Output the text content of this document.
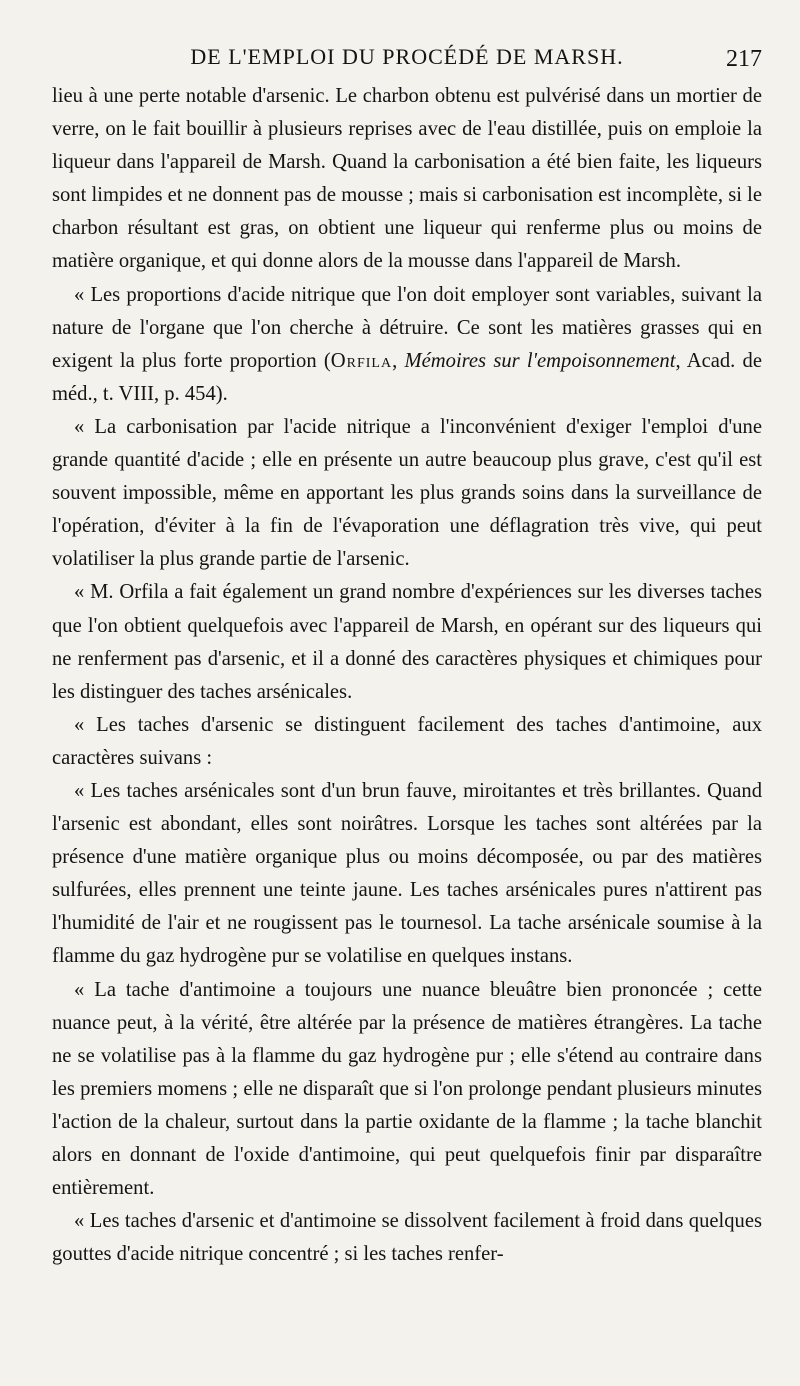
DE L'EMPLOI DU PROCÉDÉ DE MARSH.	217

lieu à une perte notable d'arsenic. Le charbon obtenu est pulvérisé dans un mortier de verre, on le fait bouillir à plusieurs reprises avec de l'eau distillée, puis on emploie la liqueur dans l'appareil de Marsh. Quand la carbonisation a été bien faite, les liqueurs sont limpides et ne donnent pas de mousse ; mais si carbonisation est incomplète, si le charbon résultant est gras, on obtient une liqueur qui renferme plus ou moins de matière organique, et qui donne alors de la mousse dans l'appareil de Marsh.

« Les proportions d'acide nitrique que l'on doit employer sont variables, suivant la nature de l'organe que l'on cherche à détruire. Ce sont les matières grasses qui en exigent la plus forte proportion (Orfila, Mémoires sur l'empoisonnement, Acad. de méd., t. VIII, p. 454).

« La carbonisation par l'acide nitrique a l'inconvénient d'exiger l'emploi d'une grande quantité d'acide ; elle en présente un autre beaucoup plus grave, c'est qu'il est souvent impossible, même en apportant les plus grands soins dans la surveillance de l'opération, d'éviter à la fin de l'évaporation une déflagration très vive, qui peut volatiliser la plus grande partie de l'arsenic.

« M. Orfila a fait également un grand nombre d'expériences sur les diverses taches que l'on obtient quelquefois avec l'appareil de Marsh, en opérant sur des liqueurs qui ne renferment pas d'arsenic, et il a donné des caractères physiques et chimiques pour les distinguer des taches arsénicales.

« Les taches d'arsenic se distinguent facilement des taches d'antimoine, aux caractères suivans :

« Les taches arsénicales sont d'un brun fauve, miroitantes et très brillantes. Quand l'arsenic est abondant, elles sont noirâtres. Lorsque les taches sont altérées par la présence d'une matière organique plus ou moins décomposée, ou par des matières sulfurées, elles prennent une teinte jaune. Les taches arsénicales pures n'attirent pas l'humidité de l'air et ne rougissent pas le tournesol. La tache arsénicale soumise à la flamme du gaz hydrogène pur se volatilise en quelques instans.

« La tache d'antimoine a toujours une nuance bleuâtre bien prononcée ; cette nuance peut, à la vérité, être altérée par la présence de matières étrangères. La tache ne se volatilise pas à la flamme du gaz hydrogène pur ; elle s'étend au contraire dans les premiers momens ; elle ne disparaît que si l'on prolonge pendant plusieurs minutes l'action de la chaleur, surtout dans la partie oxidante de la flamme ; la tache blanchit alors en donnant de l'oxide d'antimoine, qui peut quelquefois finir par disparaître entièrement.

« Les taches d'arsenic et d'antimoine se dissolvent facilement à froid dans quelques gouttes d'acide nitrique concentré ; si les taches renfer-
